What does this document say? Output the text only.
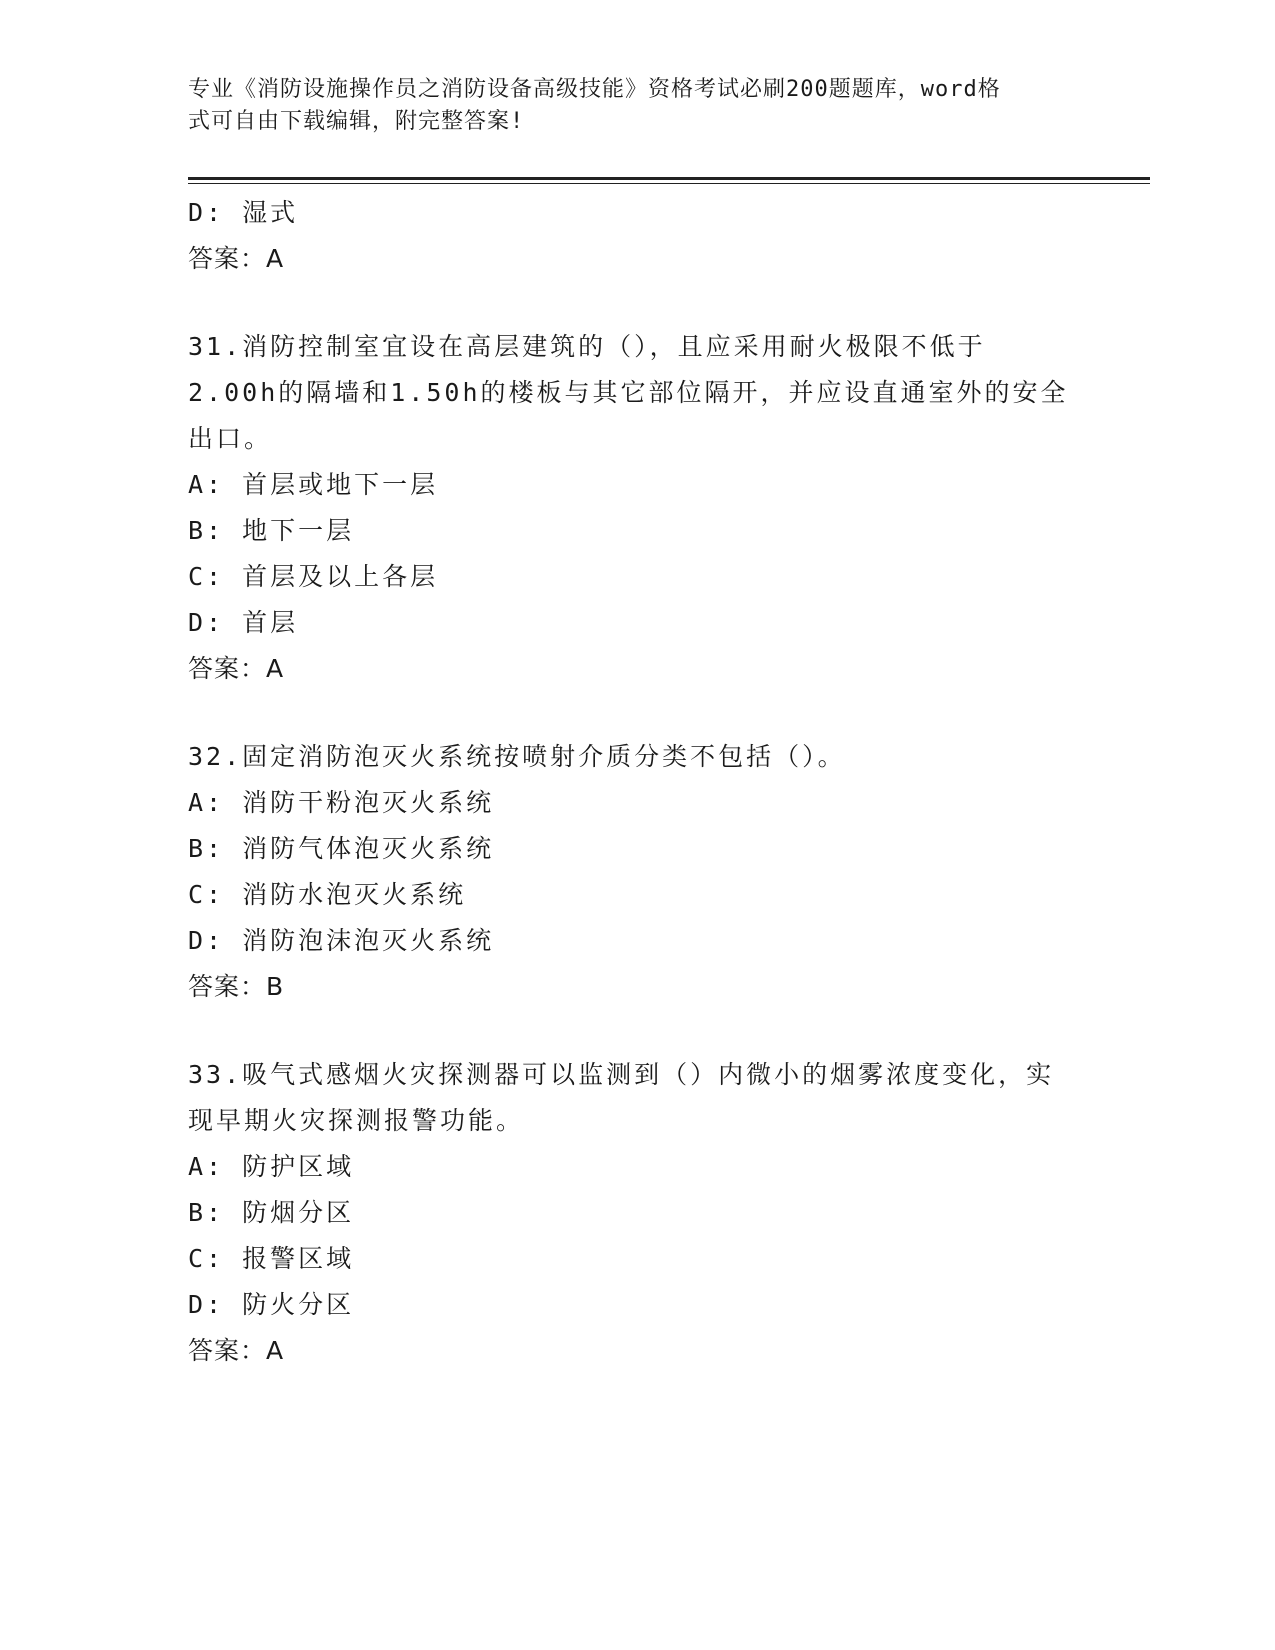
专业《消防设施操作员之消防设备高级技能》资格考试必刷200题题库，word格
式可自由下载编辑，附完整答案!
D: 湿式
答案：A
31.消防控制室宜设在高层建筑的（），且应采用耐火极限不低于
2.00h的隔墙和1.50h的楼板与其它部位隔开，并应设直通室外的安全
出口。
A: 首层或地下一层
B: 地下一层
C: 首层及以上各层
D: 首层
答案：A
32.固定消防泡灭火系统按喷射介质分类不包括（）。
A: 消防干粉泡灭火系统
B: 消防气体泡灭火系统
C: 消防水泡灭火系统
D: 消防泡沫泡灭火系统
答案：B
33.吸气式感烟火灾探测器可以监测到（）内微小的烟雾浓度变化，实
现早期火灾探测报警功能。
A: 防护区域
B: 防烟分区
C: 报警区域
D: 防火分区
答案：A
